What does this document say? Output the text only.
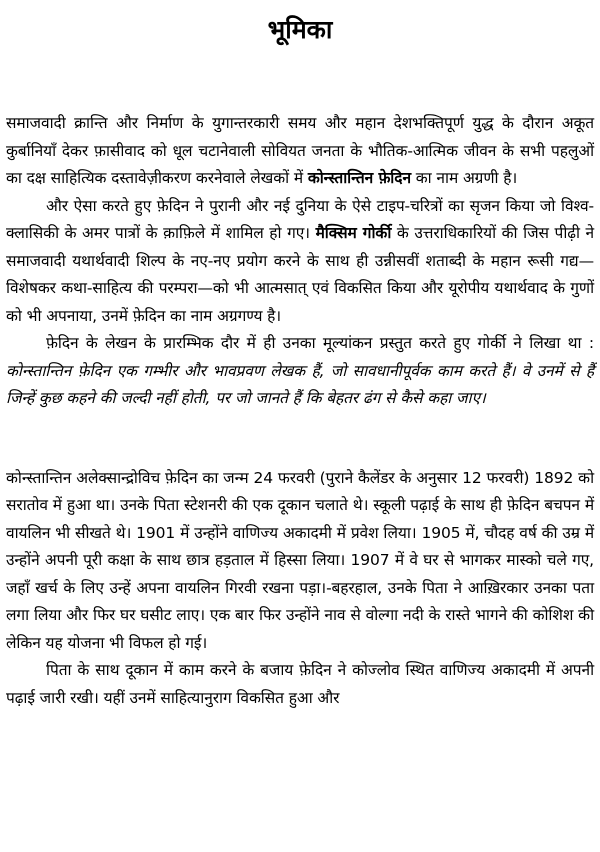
भूमिका

समाजवादी क्रान्ति और निर्माण के युगान्तरकारी समय और महान देशभक्तिपूर्ण युद्ध के दौरान अकूत कुर्बानियाँ देकर फ़ासीवाद को धूल चटानेवाली सोवियत जनता के भौतिक-आत्मिक जीवन के सभी पहलुओं का दक्ष साहित्यिक दस्तावेज़ीकरण करनेवाले लेखकों में कोन्स्तान्तिन फ़ेदिन का नाम अग्रणी है।

और ऐसा करते हुए फ़ेदिन ने पुरानी और नई दुनिया के ऐसे टाइप-चरित्रों का सृजन किया जो विश्व-क्लासिकी के अमर पात्रों के क़ाफ़िले में शामिल हो गए। मैक्सिम गोर्की के उत्तराधिकारियों की जिस पीढ़ी ने समाजवादी यथार्थवादी शिल्प के नए-नए प्रयोग करने के साथ ही उन्नीसवीं शताब्दी के महान रूसी गद्य—विशेषकर कथा-साहित्य की परम्परा—को भी आत्मसात् एवं विकसित किया और यूरोपीय यथार्थवाद के गुणों को भी अपनाया, उनमें फ़ेदिन का नाम अग्रगण्य है।

फ़ेदिन के लेखन के प्रारम्भिक दौर में ही उनका मूल्यांकन प्रस्तुत करते हुए गोर्की ने लिखा था : कोन्स्तान्तिन फ़ेदिन एक गम्भीर और भावप्रवण लेखक हैं, जो सावधानीपूर्वक काम करते हैं। वे उनमें से हैं जिन्हें कुछ कहने की जल्दी नहीं होती, पर जो जानते हैं कि बेहतर ढंग से कैसे कहा जाए।

कोन्स्तान्तिन अलेक्सान्द्रोविच फ़ेदिन का जन्म 24 फरवरी (पुराने कैलेंडर के अनुसार 12 फरवरी) 1892 को सरातोव में हुआ था। उनके पिता स्टेशनरी की एक दूकान चलाते थे। स्कूली पढ़ाई के साथ ही फ़ेदिन बचपन में वायलिन भी सीखते थे। 1901 में उन्होंने वाणिज्य अकादमी में प्रवेश लिया। 1905 में, चौदह वर्ष की उम्र में उन्होंने अपनी पूरी कक्षा के साथ छात्र हड़ताल में हिस्सा लिया। 1907 में वे घर से भागकर मास्को चले गए, जहाँ खर्च के लिए उन्हें अपना वायलिन गिरवी रखना पड़ा।-बहरहाल, उनके पिता ने आख़िरकार उनका पता लगा लिया और फिर घर घसीट लाए। एक बार फिर उन्होंने नाव से वोल्गा नदी के रास्ते भागने की कोशिश की लेकिन यह योजना भी विफल हो गई।

पिता के साथ दूकान में काम करने के बजाय फ़ेदिन ने कोज्लोव स्थित वाणिज्य अकादमी में अपनी पढ़ाई जारी रखी। यहीं उनमें साहित्यानुराग विकसित हुआ और
